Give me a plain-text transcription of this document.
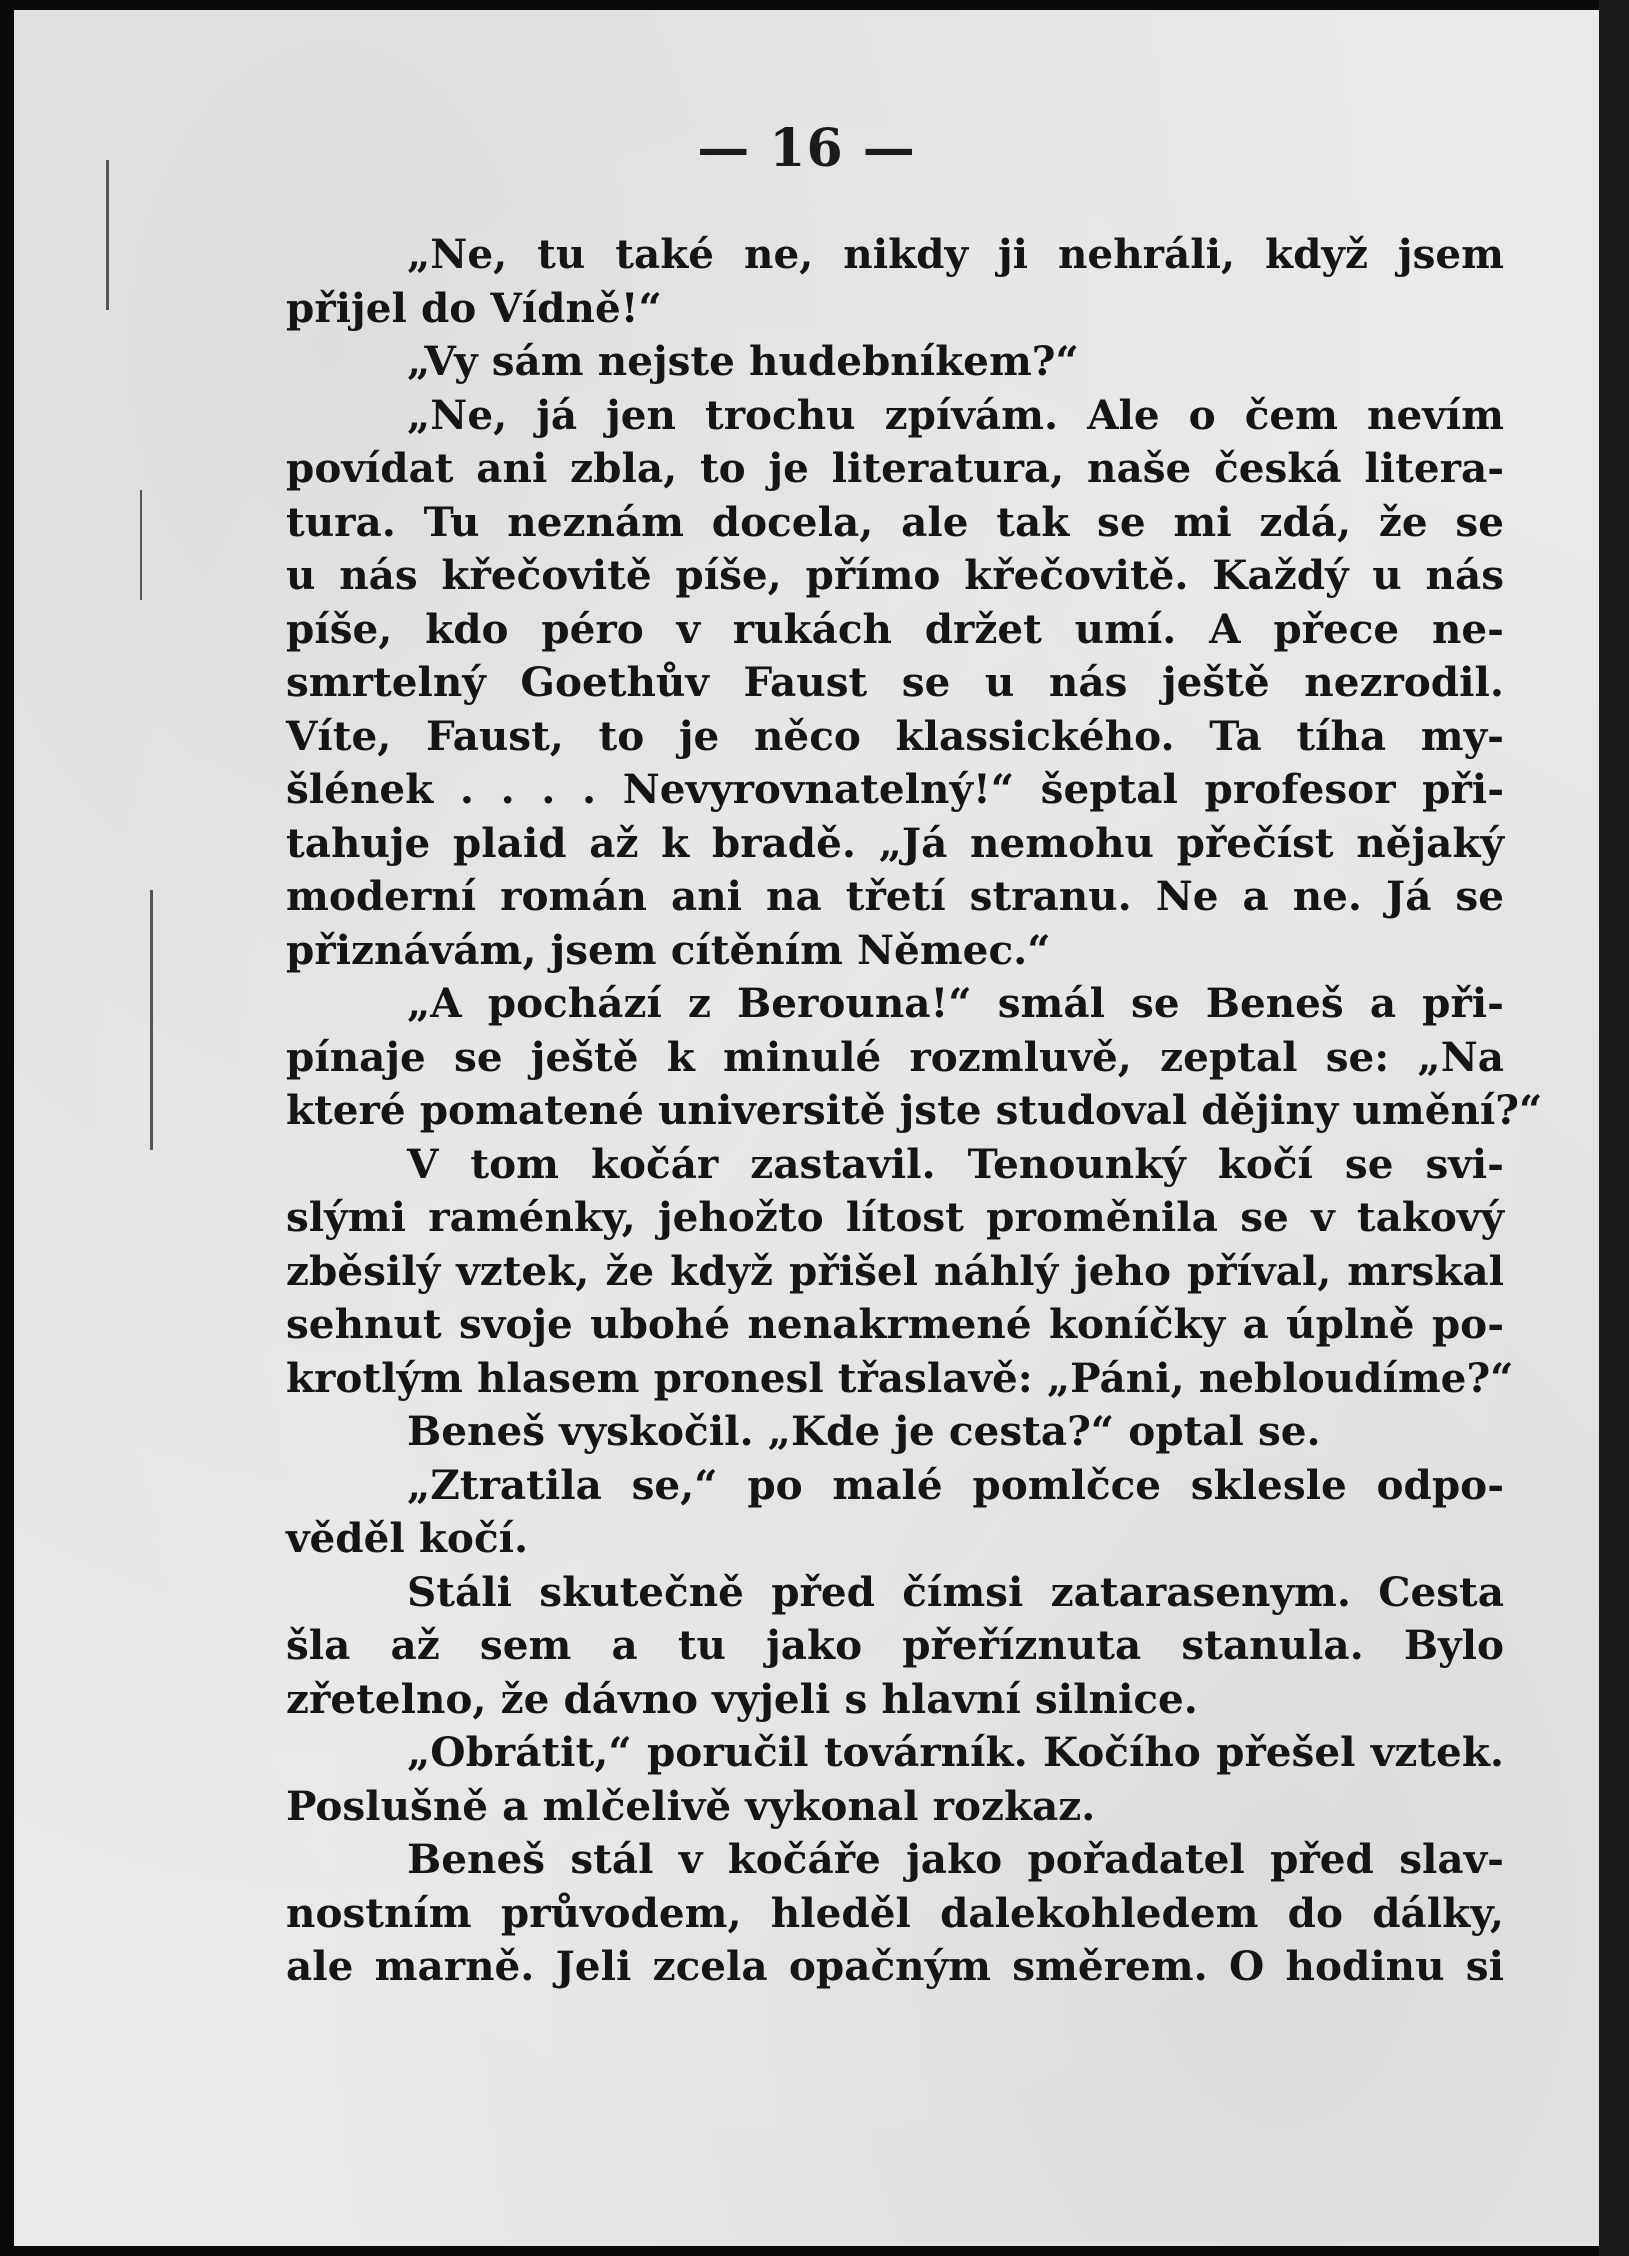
— 16 —
„Ne, tu také ne, nikdy ji nehráli, když jsem
přijel do Vídně!“
„Vy sám nejste hudebníkem?“
„Ne, já jen trochu zpívám. Ale o čem nevím
povídat ani zbla, to je literatura, naše česká litera-
tura. Tu neznám docela, ale tak se mi zdá, že se
u nás křečovitě píše, přímo křečovitě. Každý u nás
píše, kdo péro v rukách držet umí. A přece ne-
smrtelný Goethův Faust se u nás ještě nezrodil.
Víte, Faust, to je něco klassického. Ta tíha my-
šlének . . . . Nevyrovnatelný!“ šeptal profesor při-
tahuje plaid až k bradě. „Já nemohu přečíst nějaký
moderní román ani na třetí stranu. Ne a ne. Já se
přiznávám, jsem cítěním Němec.“
„A pochází z Berouna!“ smál se Beneš a při-
pínaje se ještě k minulé rozmluvě, zeptal se: „Na
které pomatené universitě jste studoval dějiny umění?“
V tom kočár zastavil. Tenounký kočí se svi-
slými raménky, jehožto lítost proměnila se v takový
zběsilý vztek, že když přišel náhlý jeho příval, mrskal
sehnut svoje ubohé nenakrmené koníčky a úplně po-
krotlým hlasem pronesl třaslavě: „Páni, nebloudíme?“
Beneš vyskočil. „Kde je cesta?“ optal se.
„Ztratila se,“ po malé pomlčce sklesle odpo-
věděl kočí.
Stáli skutečně před čímsi zatarasenym. Cesta
šla až sem a tu jako přeříznuta stanula. Bylo
zřetelno, že dávno vyjeli s hlavní silnice.
„Obrátit,“ poručil továrník. Kočího přešel vztek.
Poslušně a mlčelivě vykonal rozkaz.
Beneš stál v kočáře jako pořadatel před slav-
nostním průvodem, hleděl dalekohledem do dálky,
ale marně. Jeli zcela opačným směrem. O hodinu si
